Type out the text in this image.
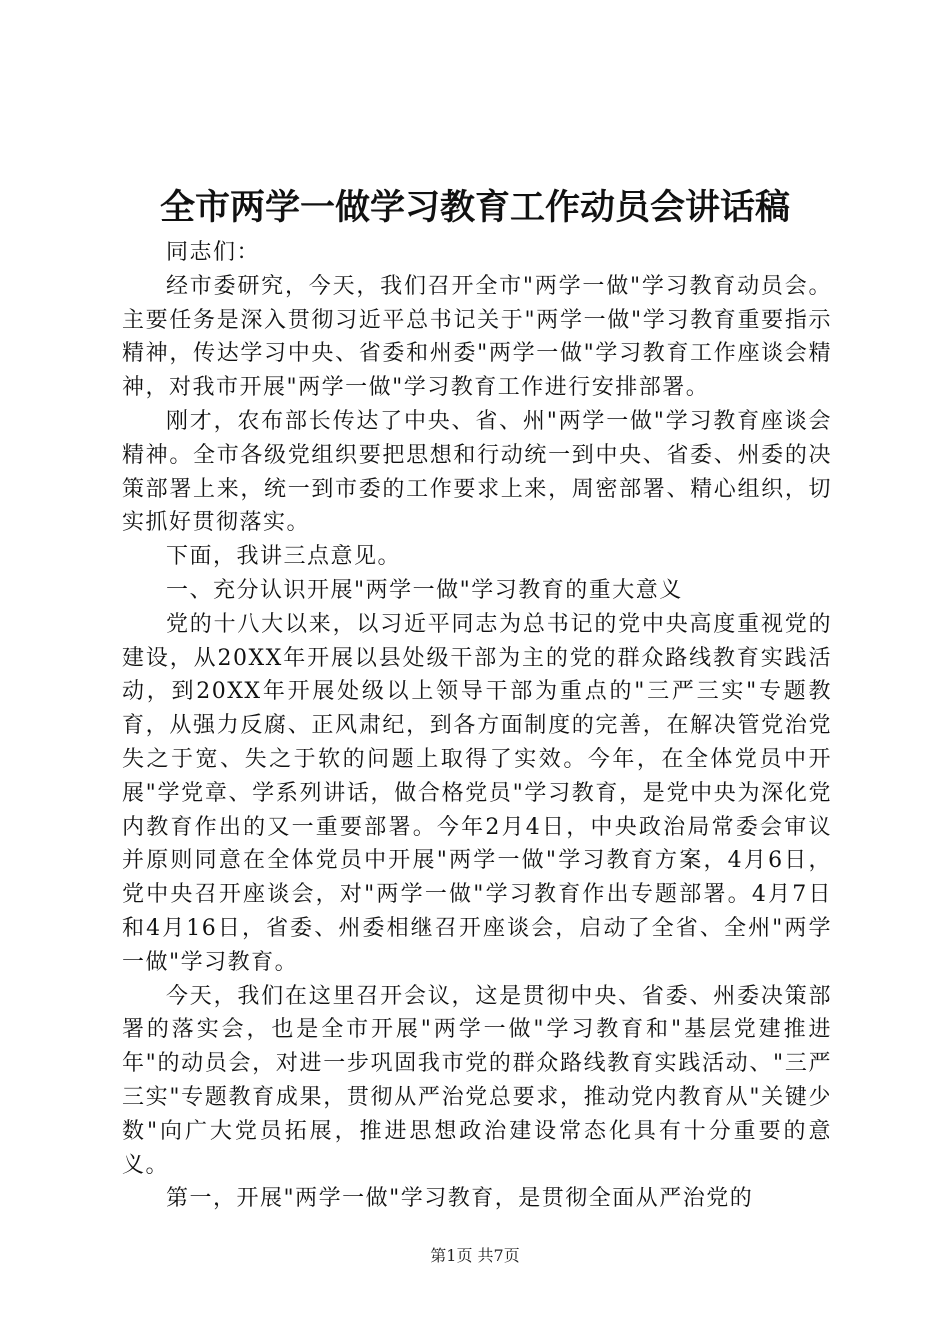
全市两学一做学习教育工作动员会讲话稿

同志们：

经市委研究，今天，我们召开全市"两学一做"学习教育动员会。主要任务是深入贯彻习近平总书记关于"两学一做"学习教育重要指示精神，传达学习中央、省委和州委"两学一做"学习教育工作座谈会精神，对我市开展"两学一做"学习教育工作进行安排部署。

刚才，农布部长传达了中央、省、州"两学一做"学习教育座谈会精神。全市各级党组织要把思想和行动统一到中央、省委、州委的决策部署上来，统一到市委的工作要求上来，周密部署、精心组织，切实抓好贯彻落实。

下面，我讲三点意见。

一、充分认识开展"两学一做"学习教育的重大意义

党的十八大以来，以习近平同志为总书记的党中央高度重视党的建设，从20XX年开展以县处级干部为主的党的群众路线教育实践活动，到20XX年开展处级以上领导干部为重点的"三严三实"专题教育，从强力反腐、正风肃纪，到各方面制度的完善，在解决管党治党失之于宽、失之于软的问题上取得了实效。今年，在全体党员中开展"学党章、学系列讲话，做合格党员"学习教育，是党中央为深化党内教育作出的又一重要部署。今年2月4日，中央政治局常委会审议并原则同意在全体党员中开展"两学一做"学习教育方案，4月6日，党中央召开座谈会，对"两学一做"学习教育作出专题部署。4月7日和4月16日，省委、州委相继召开座谈会，启动了全省、全州"两学一做"学习教育。

今天，我们在这里召开会议，这是贯彻中央、省委、州委决策部署的落实会，也是全市开展"两学一做"学习教育和"基层党建推进年"的动员会，对进一步巩固我市党的群众路线教育实践活动、"三严三实"专题教育成果，贯彻从严治党总要求，推动党内教育从"关键少数"向广大党员拓展，推进思想政治建设常态化具有十分重要的意义。

第一，开展"两学一做"学习教育，是贯彻全面从严治党的

第1页 共7页
